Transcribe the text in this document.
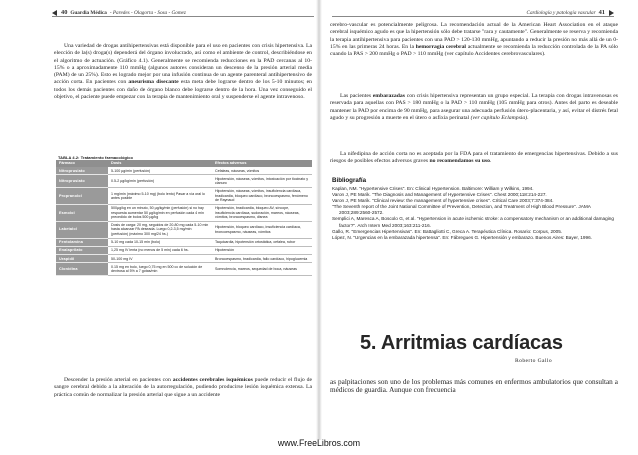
40 Guardia Médica - Paredes - Olagorta - Sosa - Gomez
Una variedad de drogas antihipertensivas está disponible para el uso en pacientes con crisis hipertensiva. La elección de la(s) droga(s) dependerá del órgano involucrado, así como el ambiente de control, describiéndose en el algoritmo de actuación. (Gráfico 4.1). Generalmente se recomienda reducciones en la PAD cercanas al 10-15% o a aproximadamente 110 mmHg (algunos autores consideran un descenso de la presión arterial media (PAM) de un 25%). Esto es logrado mejor por una infusión continua de un agente parenteral antihipertensivo de acción corta. En pacientes con aneurisma disecante esta meta debe lograrse dentro de los 5-10 minutos; en todos los demás pacientes con daño de órgano blanco debe lograrse dentro de la hora. Una vez conseguido el objetivo, el paciente puede empezar con la terapia de mantenimiento oral y suspenderse el agente intravenoso.
TABLA 4.2: Tratamiento farmacológico
Fármaco	Dosis	Efectos adversos
Nitroprusiato	5-100 µg/min (perfusión)	Cefaleas, náuseas, vómitos
Nitroprusiato	0.5-2 µg/kg/min (perfusión)	Hipotensión, náuseas, vómitos, intoxicación por tiocinato y cianuro
Propranolol	1 mg/min (máximo 5-10 mg) (bolo lento) Pasar a vía oral lo antes posible	Hipotensión, náuseas, vómitos, insuficiencia cardíaca, bradicardia, bloqueo cardíaco, broncoespasmo, fenómeno de Raynaud
Esmolol	500µg/kg en un minuto, 50 µg/kg/min (perfusión) si no hay respuesta aumentar 50 µg/kg/min en perfusión cada 4 min precedido de bolos 500 µg/kg	Hipotensión, bradicardia, bloqueo AV, síncope, insuficiencia cardíaca, sudoración, mareos, náuseas, vómitos, broncoespasmo, disnea
Labetalol	Dosis de carga: 20 mg, seguidos de 20-80 mg cada 5-10 min hasta alcanzar PA deseada. Luego 0,2-3,5 mg/min (perfusión) (máximo 300 mg/24 hs.)	Hipotensión, bloqueo cardíaco, insuficiencia cardíaca, broncoespasmo, náuseas, vómitos
Fentolamina	5-10 mg cada 10-15 min (bolo)	Taquicardia, hipotensión ortostática, cefalea, rubor
Enalaprilato	1,25 mg IV lenta (no menos de 5 min) cada 6 hs.	Hipotensión
Urapidil	50-100 mg IV	Broncoespasmo, bradicardia, fallo cardíaco, hipoglucemia
Clonidina	0.15 mg en bolo, luego 0,75 mg en 500 cc de solución de dextrosa al 5% a 7 gotas/min	Somnolencia, mareos, sequedad de boca, náuseas
Descender la presión arterial en pacientes con accidentes cerebrales isquémicos puede reducir el flujo de sangre cerebral debido a la alteración de la autorregulación, pudiendo producirse lesión isquémica extensa. La práctica común de normalizar la presión arterial que sigue a un accidente
Cardiología y patología vascular 41
cerebro-vascular es potencialmente peligrosa. La recomendación actual de la American Heart Association en el ataque cerebral isquémico agudo es que la hipertensión sólo debe tratarse "rara y cautamente". Generalmente se reserva y recomienda la terapia antihipertensiva para pacientes con una PAD > 120-130 mmHg, apuntando a reducir la presión no más allá de un 0-15% en las primeras 24 horas. En la hemorragia cerebral actualmente se recomienda la reducción controlada de la PA sólo cuando la PAS > 200 mmHg o PAD > 110 mmHg (ver capítulo Accidentes cerebrovasculares).
Las pacientes embarazadas con crisis hipertensiva representan un grupo especial. La terapia con drogas intravenosas es reservada para aquellas con PAS > 180 mmHg o la PAD > 110 mmHg (105 mmHg para otros). Antes del parto es deseable mantener la PAD por encima de 90 mmHg, para asegurar una adecuada perfusión útero-placentaria, y así, evitar el distrés fetal agudo y su progresión a muerte en el útero o asfixia perinatal (ver capítulo Eclampsia).
La nifedipina de acción corta no es aceptada por la FDA para el tratamiento de emergencias hipertensivas. Debido a sus riesgos de posibles efectos adversos graves no recomendamos su uso.
Bibliografía

Kaplan, NM. "Hypertensive Crises". En: Clinical Hypertension. Baltimore: William y Wilkins, 1994.

Varon J, PE Marik. "The Diagnosis and Management of Hypertensive Crises". Chest 2000;118:214-227.

Varon J, PE Marik. "Clinical review: the management of hypertensive crises". Critical Care 2003;7:374-384.

"The Seventh report of the Joint National Committee of Prevention, Detection, and Treatment of High Blood Pressure". JAMA 2003;289:2560-2572.

Semplici A, Maresca A, Boscolo G, et al. "Hypertension in acute ischemic stroke: a compensatory mechanism or an additional damaging factor?". Arch Intern Med 2003;163:211-216.

Gallo, R. "Emergencias Hipertensivas". En: Battagliotti C, Greca A. Terapéutica Clínica. Rosario: Corpus, 2005.

López, N. "Urgencias en la embarazada hipertensa". En: Fábregues G. Hipertensión y embarazo. Buenos Aires: Bayer, 1996.

5. Arritmias cardíacas
Roberto Gallo
as palpitaciones son uno de los problemas más comunes en enfermos ambulatorios que consultan a médicos de guardia. Aunque con frecuencia
www.FreeLibros.com
